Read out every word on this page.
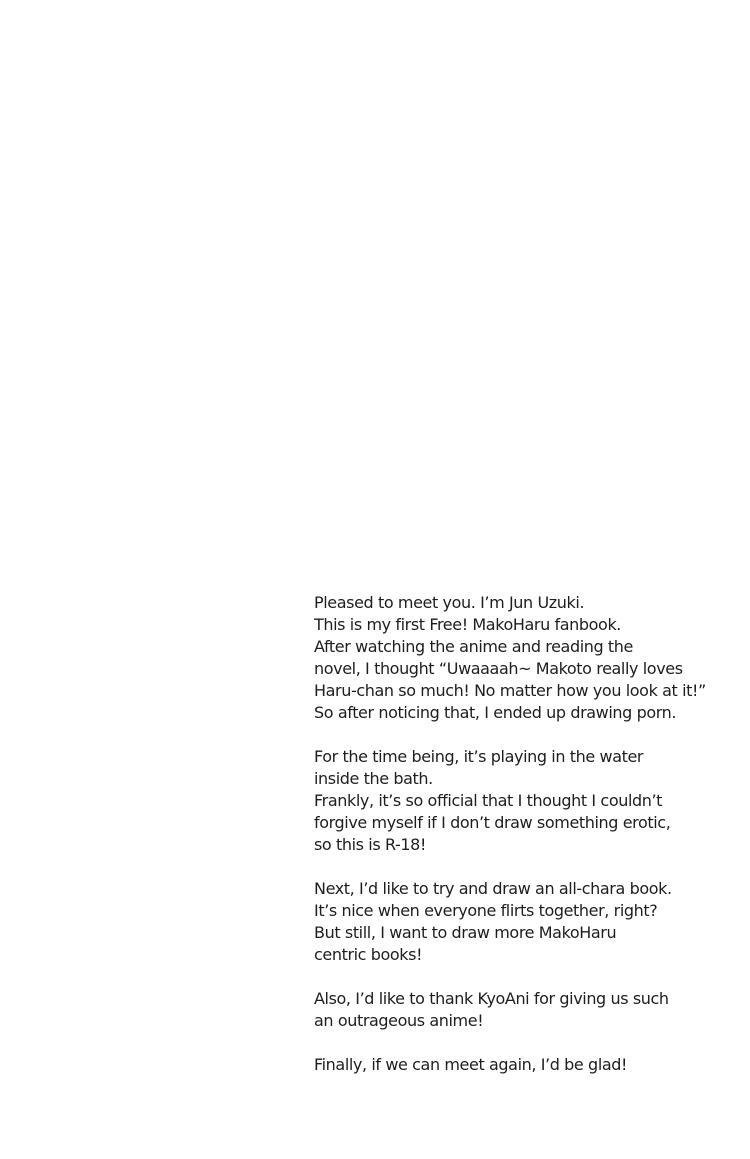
Pleased to meet you. I’m Jun Uzuki.
This is my first Free! MakoHaru fanbook.
After watching the anime and reading the
novel, I thought “Uwaaaah~ Makoto really loves
Haru-chan so much! No matter how you look at it!”
So after noticing that, I ended up drawing porn.

For the time being, it’s playing in the water
inside the bath.
Frankly, it’s so official that I thought I couldn’t
forgive myself if I don’t draw something erotic,
so this is R-18!

Next, I’d like to try and draw an all-chara book.
It’s nice when everyone flirts together, right?
But still, I want to draw more MakoHaru
centric books!

Also, I’d like to thank KyoAni for giving us such
an outrageous anime!

Finally, if we can meet again, I’d be glad!
